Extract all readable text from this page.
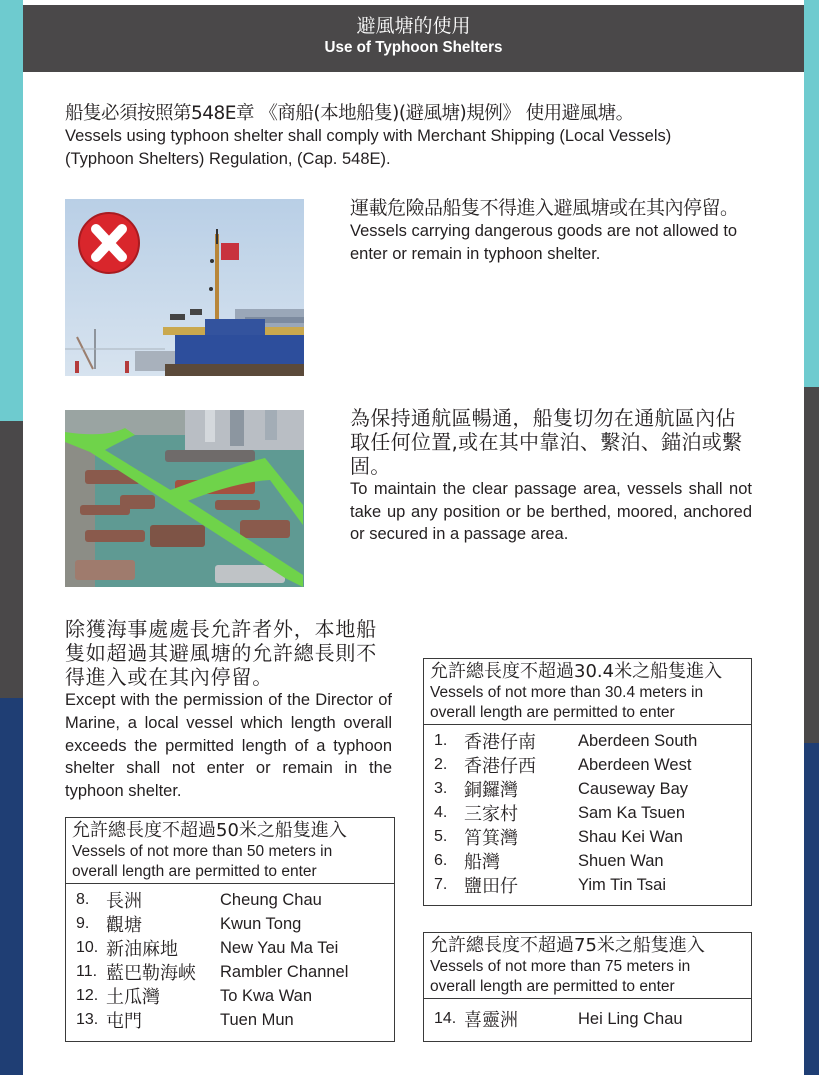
避風塘的使用
Use of Typhoon Shelters
船隻必須按照第548E章 《商船(本地船隻)(避風塘)規例》 使用避風塘。
Vessels using typhoon shelter shall comply with Merchant Shipping (Local Vessels) (Typhoon Shelters) Regulation, (Cap. 548E).
運載危險品船隻不得進入避風塘或在其內停留。
Vessels carrying dangerous goods are not allowed to enter or remain in typhoon shelter.
為保持通航區暢通，船隻切勿在通航區內佔取任何位置,或在其中靠泊、繫泊、錨泊或繫固。
To maintain the clear passage area, vessels shall not take up any position or be berthed, moored, anchored or secured in a passage area.
除獲海事處處長允許者外，本地船隻如超過其避風塘的允許總長則不得進入或在其內停留。
Except with the permission of the Director of Marine, a local vessel which length overall exceeds the permitted length of a typhoon shelter shall not enter or remain in the typhoon shelter.
允許總長度不超過30.4米之船隻進入
Vessels of not more than 30.4 meters in
overall length are permitted to enter
1. 香港仔南	Aberdeen South
2. 香港仔西	Aberdeen West
3. 銅鑼灣	Causeway Bay
4. 三家村	Sam Ka Tsuen
5. 筲箕灣	Shau Kei Wan
6. 船灣	Shuen Wan
7. 鹽田仔	Yim Tin Tsai
允許總長度不超過50米之船隻進入
Vessels of not more than 50 meters in
overall length are permitted to enter
8. 長洲	Cheung Chau
9. 觀塘	Kwun Tong
10. 新油麻地	New Yau Ma Tei
11. 藍巴勒海峽	Rambler Channel
12. 土瓜灣	To Kwa Wan
13. 屯門	Tuen Mun
允許總長度不超過75米之船隻進入
Vessels of not more than 75 meters in
overall length are permitted to enter
14. 喜靈洲	Hei Ling Chau
